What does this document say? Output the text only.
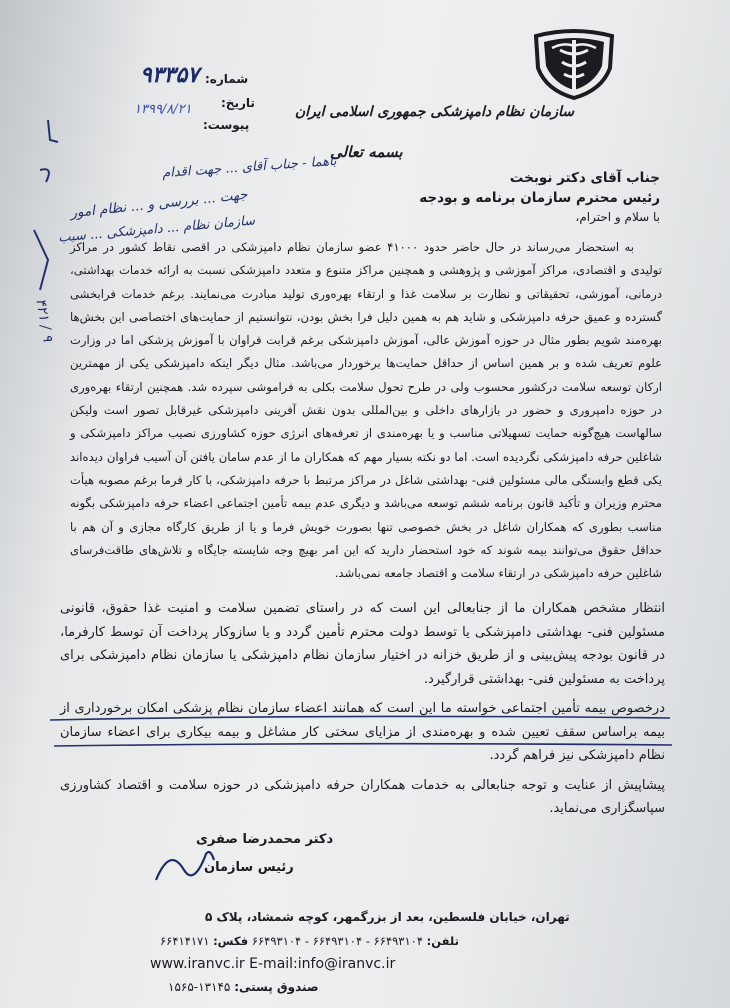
سازمان نظام دامپزشکی جمهوری اسلامی ایران
شماره:
تاریخ:
پیوست:
۹۳۳۵۷
۱۳۹۹/۸/۲۱
بسمه تعالی
باهما - جناب آقای ... جهت اقدام
جهت ... بررسی و ... نظام امور
سازمان نظام ... دامپزشکی ... سبب
۴۲۱ / ۹
جناب آقای دکتر نوبخت
رئیس محترم سازمان برنامه و بودجه
با سلام و احترام،

به استحضار می‌رساند در حال حاضر حدود ۴۱۰۰۰ عضو سازمان نظام دامپزشکی در اقصی نقاط کشور در مراکز تولیدی و اقتصادی، مراکز آموزشی و پژوهشی و همچنین مراکز متنوع و متعدد دامپزشکی نسبت به ارائه خدمات بهداشتی، درمانی، آموزشی، تحقیقاتی و نظارت بر سلامت غذا و ارتقاء بهره‌وری تولید مبادرت می‌نمایند. برغم خدمات فرابخشی گسترده و عمیق حرفه دامپزشکی و شاید هم به همین دلیل فرا بخش بودن، نتوانستیم از حمایت‌های اختصاصی این بخش‌ها بهره‌مند شویم بطور مثال در حوزه آموزش عالی، آموزش دامپزشکی برغم قرابت فراوان با آموزش پزشکی اما در وزارت علوم تعریف شده و بر همین اساس از حداقل حمایت‌ها برخوردار می‌باشد. مثال دیگر اینکه دامپزشکی یکی از مهمترین ارکان توسعه سلامت درکشور محسوب ولی در طرح تحول سلامت بکلی به فراموشی سپرده شد. همچنین ارتقاء بهره‌وری در حوزه دامپروری و حضور در بازارهای داخلی و بین‌المللی بدون نقش آفرینی دامپزشکی غیرقابل تصور است ولیکن سالهاست هیچ‌گونه حمایت تسهیلاتی مناسب و یا بهره‌مندی از تعرفه‌های انرژی حوزه کشاورزی نصیب مراکز دامپزشکی و شاغلین حرفه دامپزشکی نگردیده است. اما دو نکته بسیار مهم که همکاران ما از عدم سامان یافتن آن آسیب فراوان دیده‌اند یکی قطع وابستگی مالی مسئولین فنی- بهداشتی شاغل در مراکز مرتبط با حرفه دامپزشکی، با کار فرما برغم مصوبه هیأت محترم وزیران و تأکید قانون برنامه ششم توسعه می‌باشد و دیگری عدم بیمه تأمین اجتماعی اعضاء حرفه دامپزشکی بگونه مناسب بطوری که همکاران شاغل در بخش خصوصی تنها بصورت خویش فرما و یا از طریق کارگاه مجازی و آن هم با حداقل حقوق می‌توانند بیمه شوند که خود استحضار دارید که این امر بهیچ وجه شایسته جایگاه و تلاش‌های طاقت‌فرسای شاغلین حرفه دامپزشکی در ارتقاء سلامت و اقتصاد جامعه نمی‌باشد.

انتظار مشخص همکاران ما از جنابعالی این است که در راستای تضمین سلامت و امنیت غذا حقوق، قانونی مسئولین فنی- بهداشتی دامپزشکی یا توسط دولت محترم تأمین گردد و یا سازوکار پرداخت آن توسط کارفرما، در قانون بودجه پیش‌بینی و از طریق خزانه در اختیار سازمان نظام دامپزشکی یا سازمان نظام دامپزشکی برای پرداخت به مسئولین فنی- بهداشتی قرارگیرد.

درخصوص بیمه تأمین اجتماعی خواسته ما این است که همانند اعضاء سازمان نظام پزشکی امکان برخورداری از بیمه براساس سقف تعیین شده و بهره‌مندی از مزایای سختی کار مشاغل و بیمه بیکاری برای اعضاء سازمان نظام دامپزشکی نیز فراهم گردد.

پیشاپیش از عنایت و توجه جنابعالی به خدمات همکاران حرفه دامپزشکی در حوزه سلامت و اقتصاد کشاورزی سپاسگزاری می‌نماید.

دکتر محمدرضا صفری
رئیس سازمان
تهران، خیابان فلسطین، بعد از بزرگمهر، کوچه شمشاد، پلاک ۵
تلفن: ۶۶۴۹۳۱۰۴ - ۶۶۴۹۳۱۰۴ - ۶۶۴۹۳۱۰۴ فکس: ۶۶۴۱۴۱۷۱
www.iranvc.ir E-mail:info@iranvc.ir
صندوق پستی: ۱۳۱۴۵-۱۵۶۵
